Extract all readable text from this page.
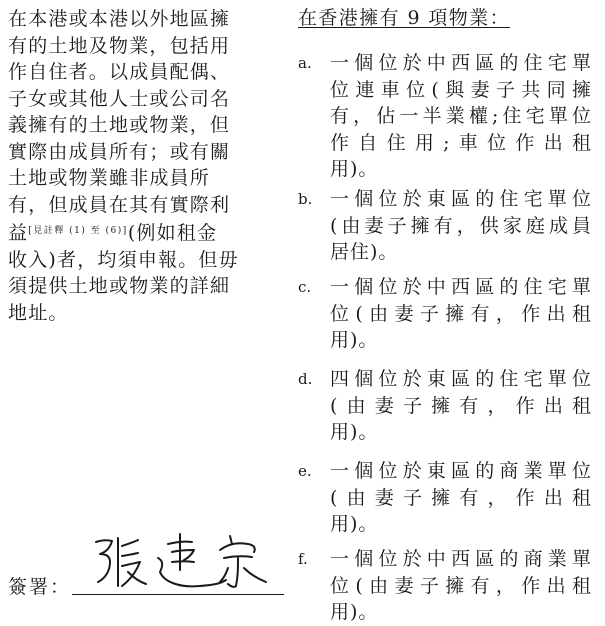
在本港或本港以外地區擁
有的土地及物業，包括用
作自住者。以成員配偶、
子女或其他人士或公司名
義擁有的土地或物業，但
實際由成員所有；或有關
土地或物業雖非成員所
有，但成員在其有實際利
益[見註釋 (1) 至 (6)](例如租金
收入)者，均須申報。但毋
須提供土地或物業的詳細
地址。
在香港擁有 9 項物業：
a. 一個位於中西區的住宅單
位連車位(與妻子共同擁
有，佔一半業權;住宅單位
作自住用;車位作出租
用)。
b. 一個位於東區的住宅單位
(由妻子擁有，供家庭成員
居住)。
c. 一個位於中西區的住宅單
位(由妻子擁有，作出租
用)。
d. 四個位於東區的住宅單位
(由妻子擁有，作出租
用)。
e. 一個位於東區的商業單位
(由妻子擁有，作出租
用)。
f.	一個位於中西區的商業單
位(由妻子擁有，作出租
用)。
簽署：
